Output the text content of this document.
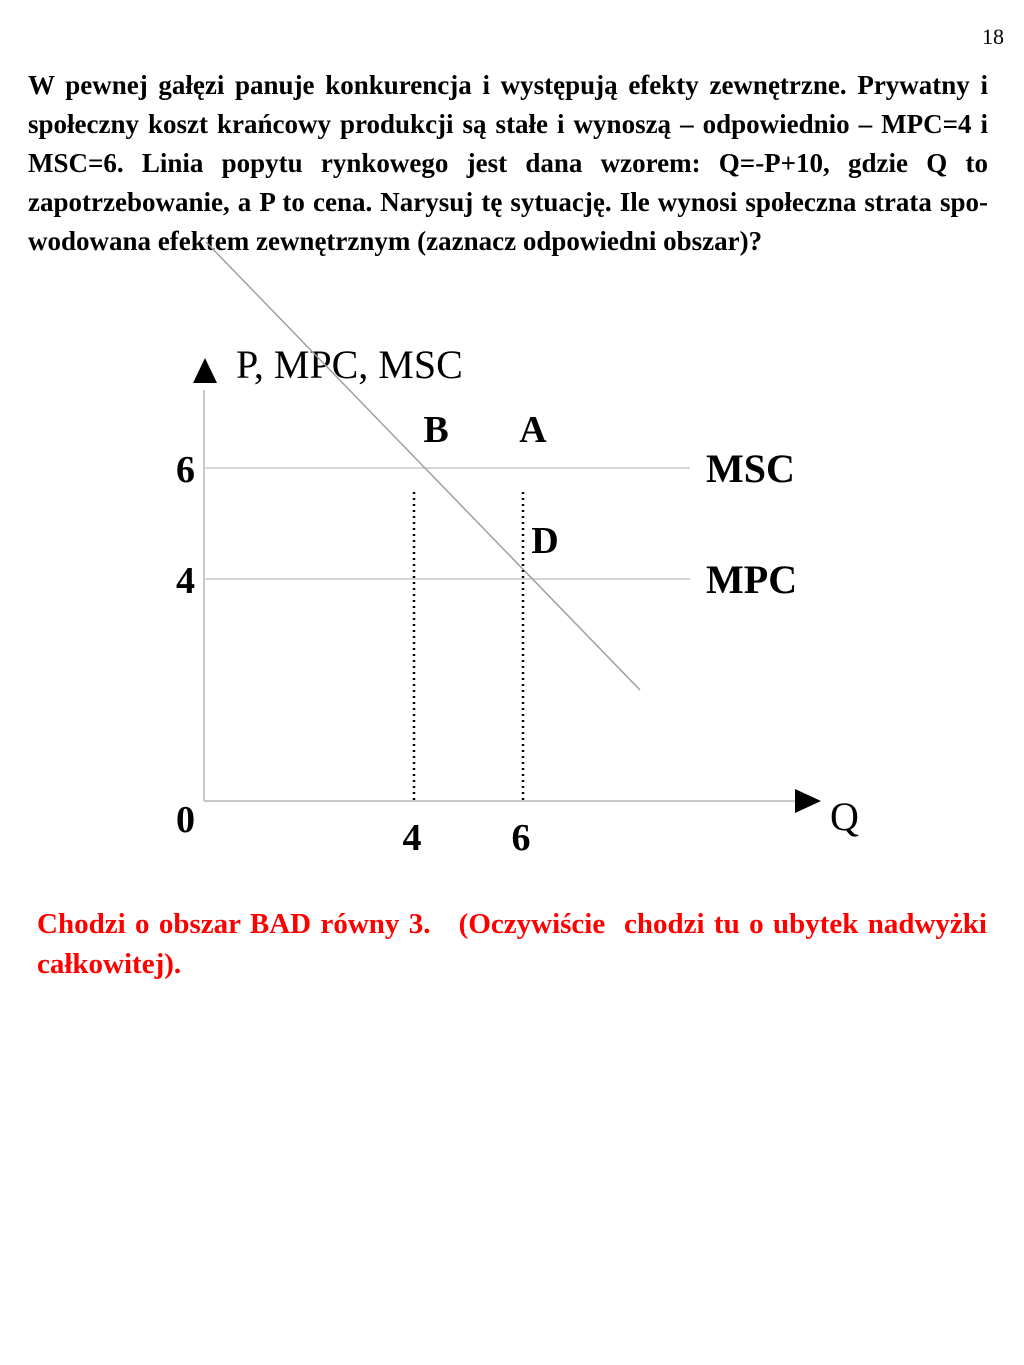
18
W pewnej gałęzi panuje konkurencja i występują efekty zewnętrzne. Prywatny i społeczny koszt krańcowy produkcji są stałe i wynoszą – odpowiednio – MPC=4 i MSC=6. Linia popytu rynkowego jest dana wzorem: Q=-P+10, gdzie Q to zapotrzebowanie, a P to cena. Narysuj tę sytuację. Ile wynosi społeczna strata spowodowana efektem zewnętrznym (zaznacz odpowiedni obszar)?
P, MPC, MSC
Q
MSC
MPC
0
4
6
4 6
B A
D
Chodzi o obszar BAD równy 3.   (Oczywiście  chodzi tu o ubytek nadwyżki całkowitej).
